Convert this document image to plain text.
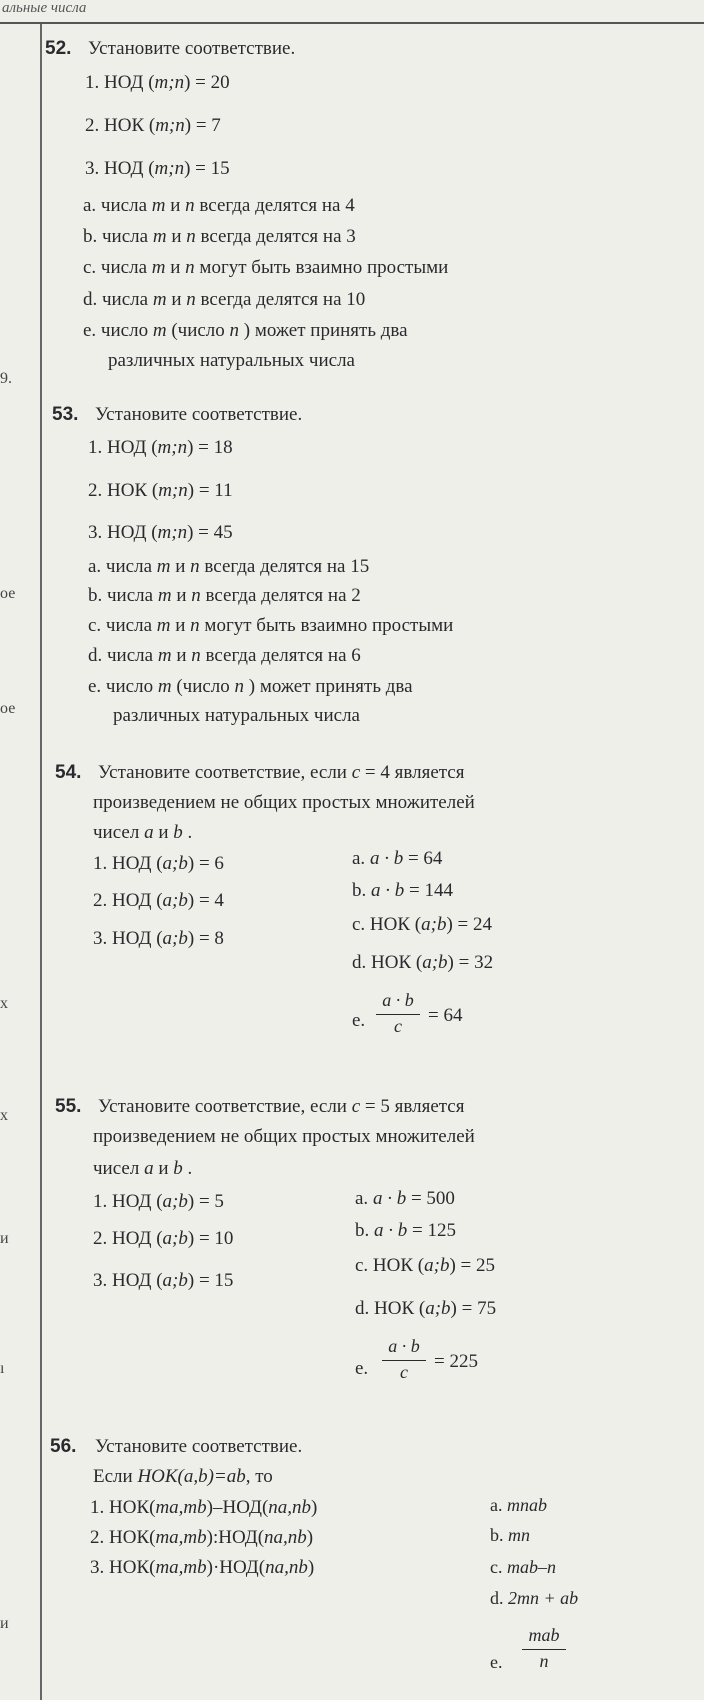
альные числа
9.
ое
ое
х
х
и
ı
и
52. Установите соответствие.
1. НОД (m;n) = 20
2. НОК (m;n) = 7
3. НОД (m;n) = 15
a. числа m и n всегда делятся на 4
b. числа m и n всегда делятся на 3
c. числа m и n могут быть взаимно простыми
d. числа m и n всегда делятся на 10
e. число m (число n ) может принять два
различных натуральных числа
53. Установите соответствие.
1. НОД (m;n) = 18
2. НОК (m;n) = 11
3. НОД (m;n) = 45
a. числа m и n всегда делятся на 15
b. числа m и n всегда делятся на 2
c. числа m и n могут быть взаимно простыми
d. числа m и n всегда делятся на 6
e. число m (число n ) может принять два
различных натуральных числа
54. Установите соответствие, если c = 4 является
произведением не общих простых множителей
чисел a и b .
1. НОД (a;b) = 6
2. НОД (a;b) = 4
3. НОД (a;b) = 8
a. a · b = 64
b. a · b = 144
c. НОК (a;b) = 24
d. НОК (a;b) = 32
e.
a · b
c	= 64
55. Установите соответствие, если c = 5 является
произведением не общих простых множителей
чисел a и b .
1. НОД (a;b) = 5
2. НОД (a;b) = 10
3. НОД (a;b) = 15
a. a · b = 500
b. a · b = 125
c. НОК (a;b) = 25
d. НОК (a;b) = 75
e.
a · b
c	= 225
56. Установите соответствие.
Если НОК(a,b)=ab, то
1. НОК(ma,mb)–НОД(na,nb)
2. НОК(ma,mb):НОД(na,nb)
3. НОК(ma,mb)·НОД(na,nb)
a. mnab
b. mn
c. mab–n
d. 2mn + ab
e.
mab
n
